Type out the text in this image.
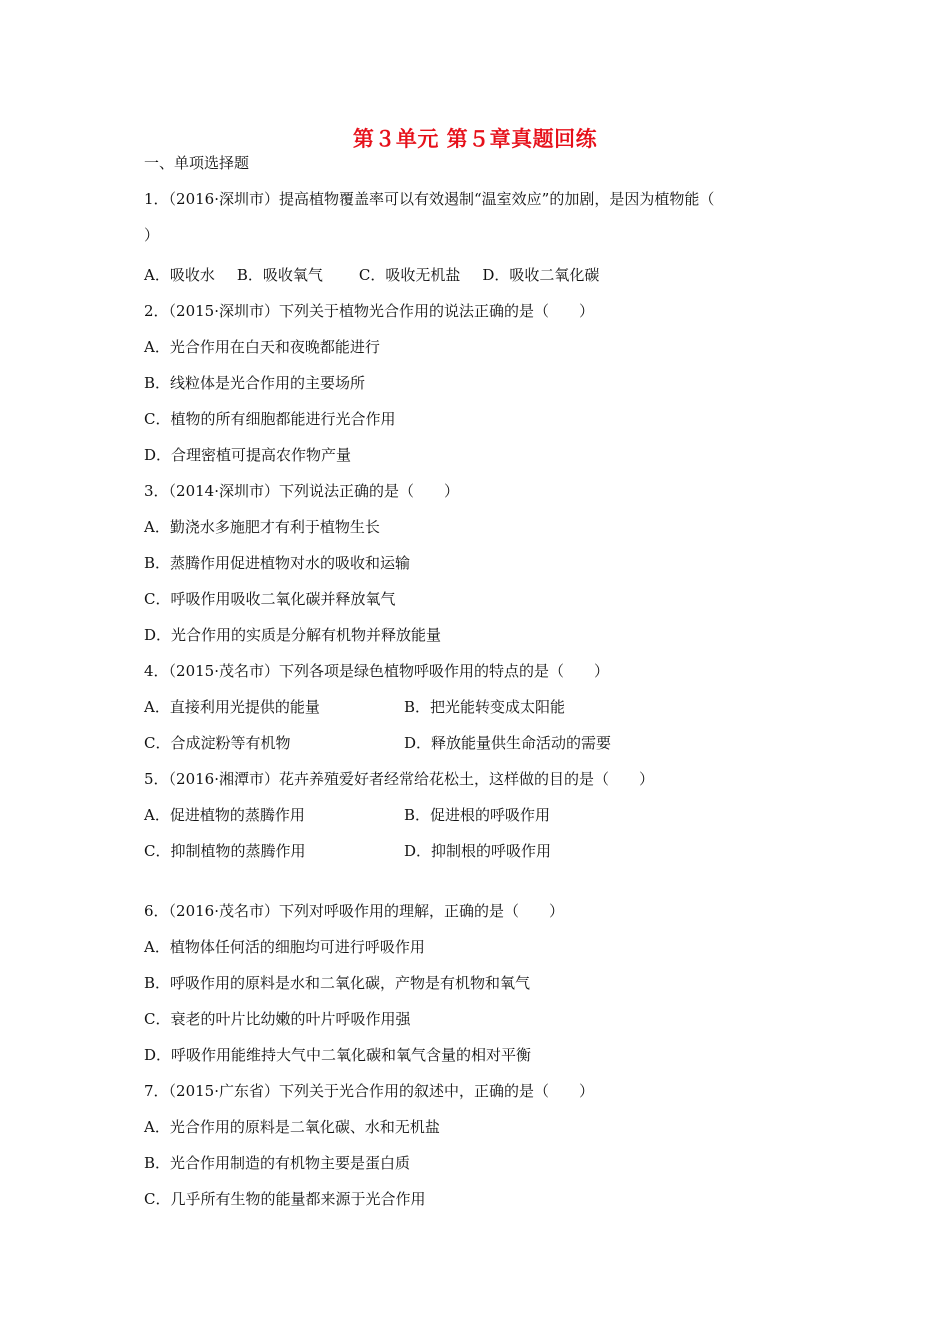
第３单元 第５章真题回练
一、单项选择题
1．（2016·深圳市）提高植物覆盖率可以有效遏制“温室效应”的加剧，是因为植物能（
）
A．吸收水 B．吸收氧气 C．吸收无机盐 D．吸收二氧化碳
2．（2015·深圳市）下列关于植物光合作用的说法正确的是（　　）
A．光合作用在白天和夜晚都能进行
B．线粒体是光合作用的主要场所
C．植物的所有细胞都能进行光合作用
D．合理密植可提高农作物产量
3．（2014·深圳市）下列说法正确的是（　　）
A．勤浇水多施肥才有利于植物生长
B．蒸腾作用促进植物对水的吸收和运输
C．呼吸作用吸收二氧化碳并释放氧气
D．光合作用的实质是分解有机物并释放能量
4．（2015·茂名市）下列各项是绿色植物呼吸作用的特点的是（　　）
A．直接利用光提供的能量	B．把光能转变成太阳能
C．合成淀粉等有机物	D．释放能量供生命活动的需要
5．（2016·湘潭市）花卉养殖爱好者经常给花松土，这样做的目的是（　　）
A．促进植物的蒸腾作用	B．促进根的呼吸作用
C．抑制植物的蒸腾作用	D．抑制根的呼吸作用
6．（2016·茂名市）下列对呼吸作用的理解，正确的是（　　）
A．植物体任何活的细胞均可进行呼吸作用
B．呼吸作用的原料是水和二氧化碳，产物是有机物和氧气
C．衰老的叶片比幼嫩的叶片呼吸作用强
D．呼吸作用能维持大气中二氧化碳和氧气含量的相对平衡
7．（2015·广东省）下列关于光合作用的叙述中，正确的是（　　）
A．光合作用的原料是二氧化碳、水和无机盐
B．光合作用制造的有机物主要是蛋白质
C．几乎所有生物的能量都来源于光合作用
